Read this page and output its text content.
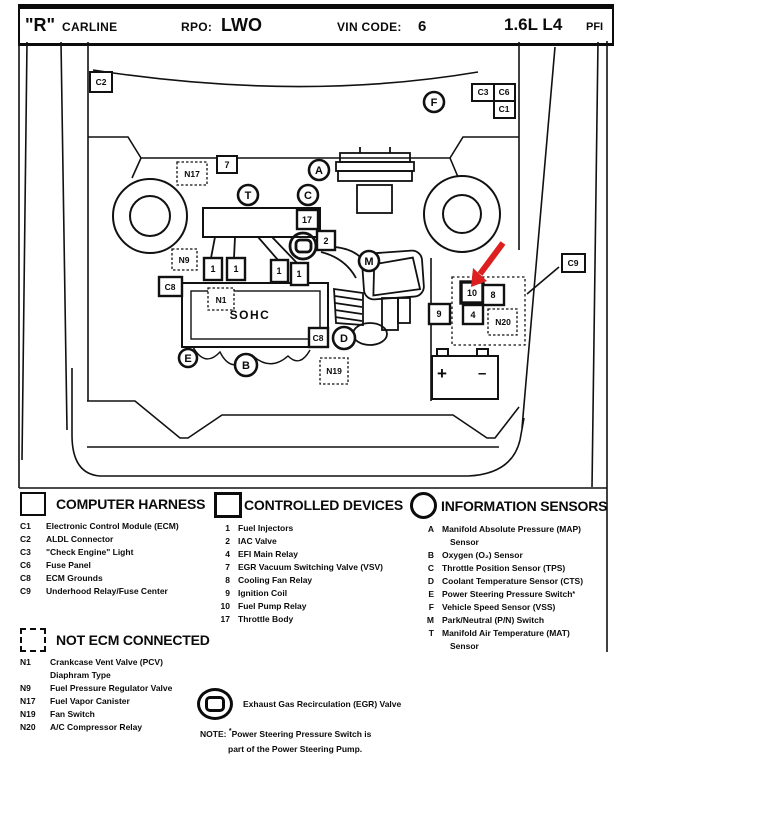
"R" CARLINE	RPO: LWO	VIN CODE: 6	1.6L L4 PFI
+ –
C2
C3 C6
C1
7
17
2
1 1	1 1
C8
C8
9
10 8
4
C9
N17
N9
N1
N19
N20
SOHC
A
T	C
F
M
E
B
D
COMPUTER HARNESS
C1	Electronic Control Module (ECM)
C2	ALDL Connector
C3	"Check Engine" Light
C6	Fuse Panel
C8	ECM Grounds
C9	Underhood Relay/Fuse Center
CONTROLLED DEVICES
1 Fuel Injectors
2 IAC Valve
4 EFI Main Relay
7 EGR Vacuum Switching Valve (VSV)
8 Cooling Fan Relay
9 Ignition Coil
10 Fuel Pump Relay
17 Throttle Body
INFORMATION SENSORS
A Manifold Absolute Pressure (MAP)
Sensor
B Oxygen (O₂) Sensor
C Throttle Position Sensor (TPS)
D Coolant Temperature Sensor (CTS)
E Power Steering Pressure Switch *
F Vehicle Speed Sensor (VSS)
M Park/Neutral (P/N) Switch
T Manifold Air Temperature (MAT)
Sensor
NOT ECM CONNECTED
N1	Crankcase Vent Valve (PCV)
Diaphram Type
N9	Fuel Pressure Regulator Valve
N17	Fuel Vapor Canister
N19	Fan Switch
N20	A/C Compressor Relay
Exhaust Gas Recirculation (EGR) Valve
NOTE: *Power Steering Pressure Switch is
part of the Power Steering Pump.
